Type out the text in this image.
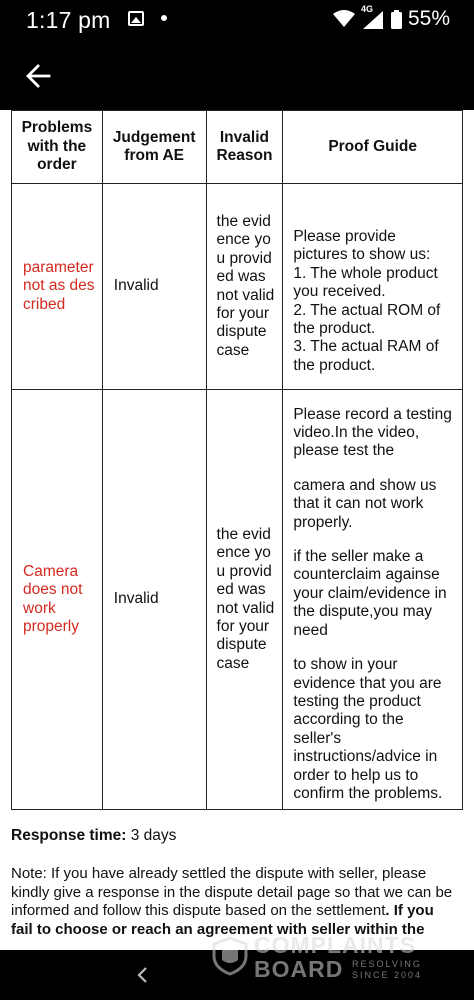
1:17 pm	4G 55%
Problems with the order	Judgement from AE	Invalid Reason	Proof Guide
parameter not as described	Invalid	the evidence you provided was not valid for your dispute case	Please provide pictures to show us:
1. The whole product you received.
2. The actual ROM of the product.
3. The actual RAM of the product.

Camera does not work properly	Invalid	the evidence you provided was not valid for your dispute case	Please record a testing video.In the video, please test the
camera and show us that it can not work properly.
if the seller make a counterclaim againse your claim/evidence in the dispute,you may need
to show in your evidence that you are testing the product according to the seller's instructions/advice in order to help us to confirm the problems.
Response time: 3 days
Note: If you have already settled the dispute with seller, please kindly give a response in the dispute detail page so that we can be informed and follow this dispute based on the settlement. If you fail to choose or reach an agreement with seller within the
COMPLAINTS
BOARD RESOLVING
SINCE 2004
